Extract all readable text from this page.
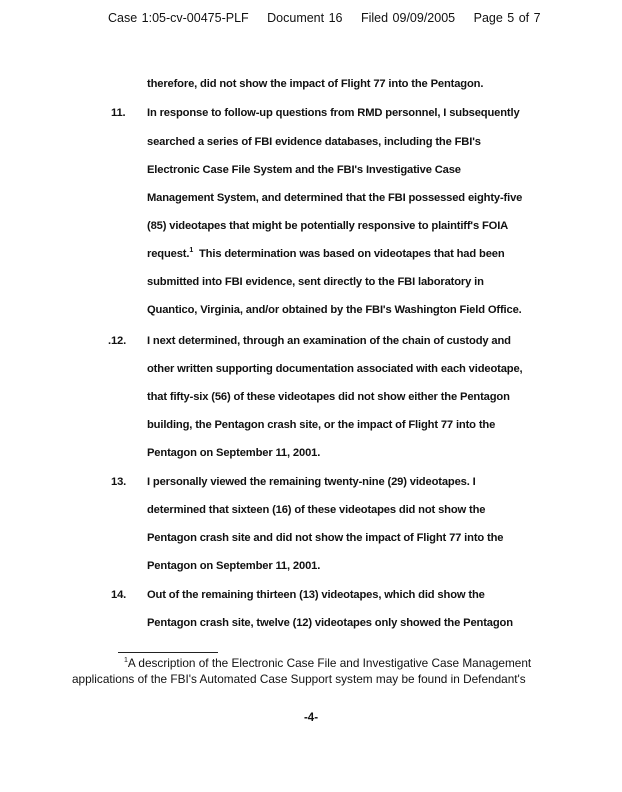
Case 1:05-cv-00475-PLF Document 16 Filed 09/09/2005 Page 5 of 7
therefore, did not show the impact of Flight 77 into the Pentagon.
11. In response to follow-up questions from RMD personnel, I subsequently
searched a series of FBI evidence databases, including the FBI's
Electronic Case File System and the FBI's Investigative Case
Management System, and determined that the FBI possessed eighty-five
(85) videotapes that might be potentially responsive to plaintiff's FOIA
request.$^1$  This determination was based on videotapes that had been
submitted into FBI evidence, sent directly to the FBI laboratory in
Quantico, Virginia, and/or obtained by the FBI's Washington Field Office.
.12. I next determined, through an examination of the chain of custody and
other written supporting documentation associated with each videotape,
that fifty-six (56) of these videotapes did not show either the Pentagon
building, the Pentagon crash site, or the impact of Flight 77 into the
Pentagon on September 11, 2001.
13. I personally viewed the remaining twenty-nine (29) videotapes. I
determined that sixteen (16) of these videotapes did not show the
Pentagon crash site and did not show the impact of Flight 77 into the
Pentagon on September 11, 2001.
14. Out of the remaining thirteen (13) videotapes, which did show the
Pentagon crash site, twelve (12) videotapes only showed the Pentagon
$^1$A description of the Electronic Case File and Investigative Case Management
applications of the FBI's Automated Case Support system may be found in Defendant's
-4-
